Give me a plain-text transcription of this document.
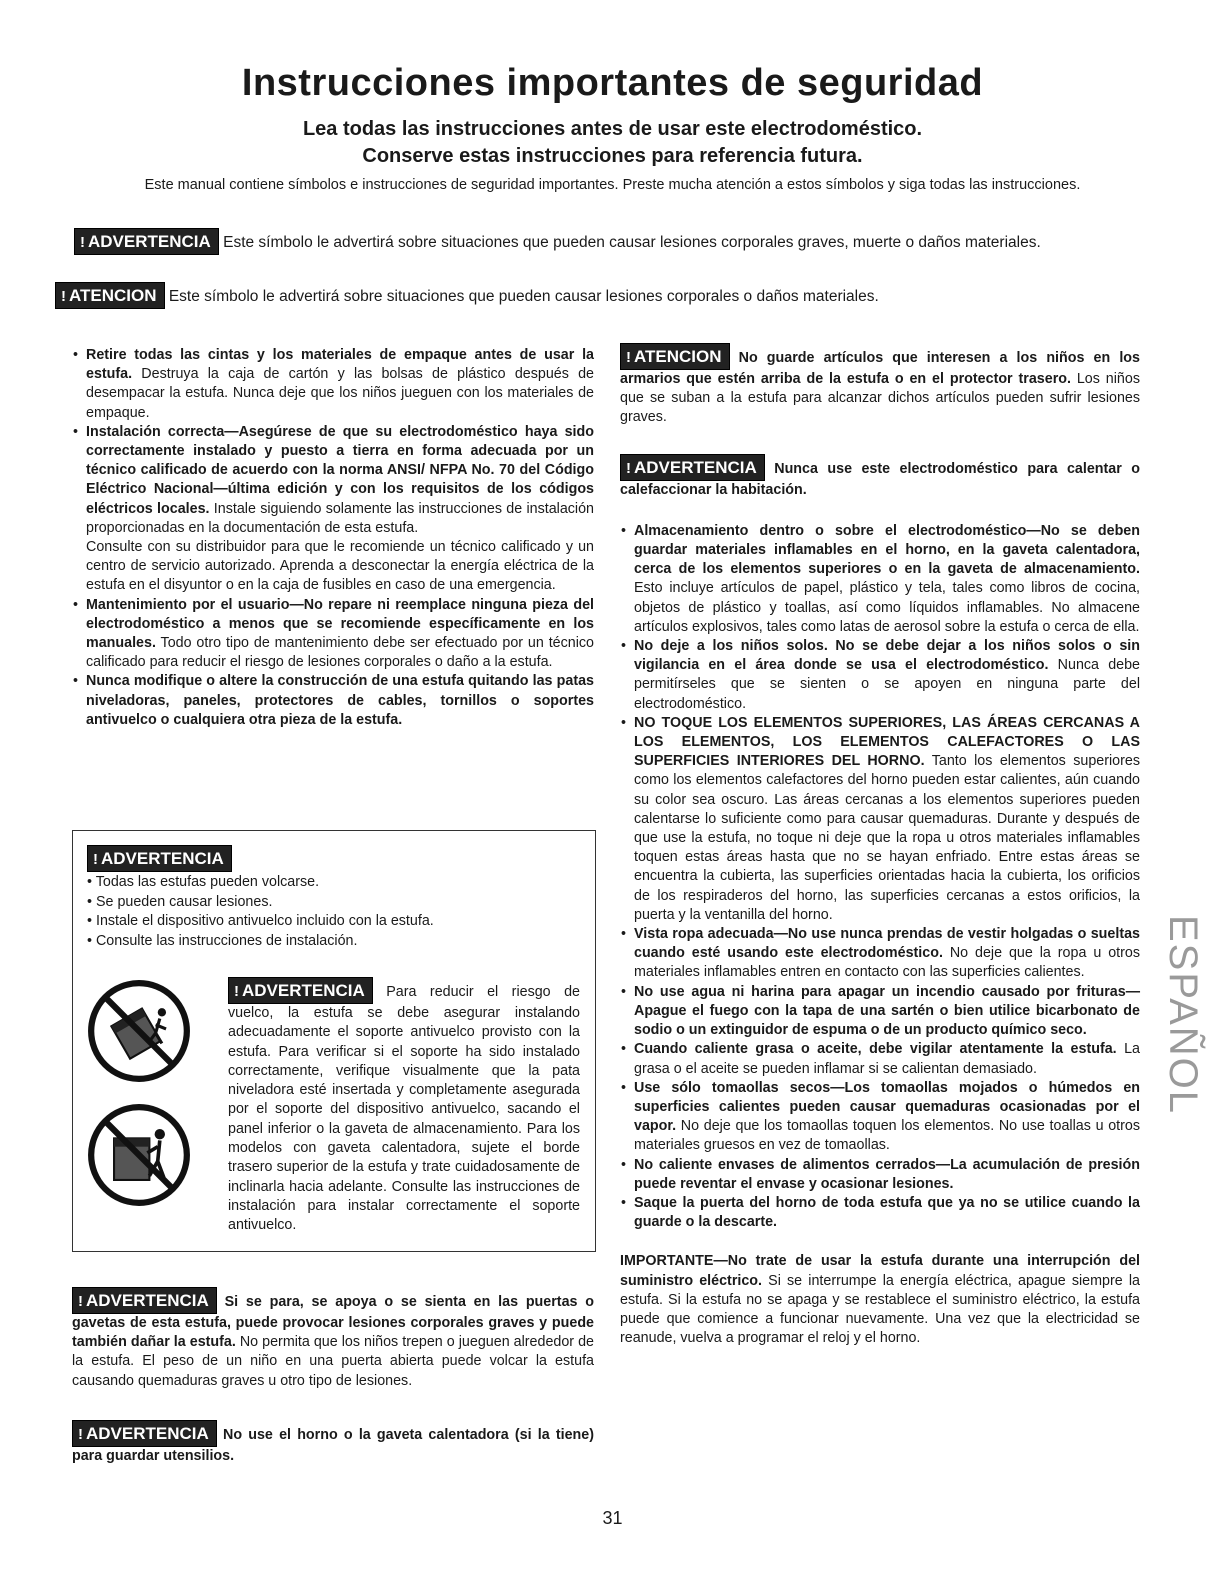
Instrucciones importantes de seguridad
Lea todas las instrucciones antes de usar este electrodoméstico.
Conserve estas instrucciones para referencia futura.
Este manual contiene símbolos e instrucciones de seguridad importantes. Preste mucha atención a estos símbolos y siga todas las instrucciones.
! ADVERTENCIA Este símbolo le advertirá sobre situaciones que pueden causar lesiones corporales graves, muerte o daños materiales.
! ATENCION Este símbolo le advertirá sobre situaciones que pueden causar lesiones corporales o daños materiales.
• Retire todas las cintas y los materiales de empaque antes de usar la estufa. Destruya la caja de cartón y las bolsas de plástico después de desempacar la estufa. Nunca deje que los niños jueguen con los materiales de empaque.
• Instalación correcta—Asegúrese de que su electrodoméstico haya sido correctamente instalado y puesto a tierra en forma adecuada por un técnico calificado de acuerdo con la norma ANSI/ NFPA No. 70 del Código Eléctrico Nacional—última edición y con los requisitos de los códigos eléctricos locales. Instale siguiendo solamente las instrucciones de instalación proporcionadas en la documentación de esta estufa.
Consulte con su distribuidor para que le recomiende un técnico calificado y un centro de servicio autorizado. Aprenda a desconectar la energía eléctrica de la estufa en el disyuntor o en la caja de fusibles en caso de una emergencia.
• Mantenimiento por el usuario—No repare ni reemplace ninguna pieza del electrodoméstico a menos que se recomiende específicamente en los manuales. Todo otro tipo de mantenimiento debe ser efectuado por un técnico calificado para reducir el riesgo de lesiones corporales o daño a la estufa.
• Nunca modifique o altere la construcción de una estufa quitando las patas niveladoras, paneles, protectores de cables, tornillos o soportes antivuelco o cualquiera otra pieza de la estufa.
! ADVERTENCIA
• Todas las estufas pueden volcarse.
• Se pueden causar lesiones.
• Instale el dispositivo antivuelco incluido con la estufa.
• Consulte las instrucciones de instalación.
! ADVERTENCIA Para reducir el riesgo de vuelco, la estufa se debe asegurar instalando adecuadamente el soporte antivuelco provisto con la estufa. Para verificar si el soporte ha sido instalado correctamente, verifique visualmente que la pata niveladora esté insertada y completamente asegurada por el soporte del dispositivo antivuelco, sacando el panel inferior o la gaveta de almacenamiento. Para los modelos con gaveta calentadora, sujete el borde trasero superior de la estufa y trate cuidadosamente de inclinarla hacia adelante. Consulte las instrucciones de instalación para instalar correctamente el soporte antivuelco.
! ADVERTENCIA Si se para, se apoya o se sienta en las puertas o gavetas de esta estufa, puede provocar lesiones corporales graves y puede también dañar la estufa. No permita que los niños trepen o jueguen alrededor de la estufa. El peso de un niño en una puerta abierta puede volcar la estufa causando quemaduras graves u otro tipo de lesiones.
! ADVERTENCIA No use el horno o la gaveta calentadora (si la tiene) para guardar utensilios.

! ATENCION No guarde artículos que interesen a los niños en los armarios que estén arriba de la estufa o en el protector trasero. Los niños que se suban a la estufa para alcanzar dichos artículos pueden sufrir lesiones graves.

! ADVERTENCIA Nunca use este electrodoméstico para calentar o calefaccionar la habitación.

• Almacenamiento dentro o sobre el electrodoméstico—No se deben guardar materiales inflamables en el horno, en la gaveta calentadora, cerca de los elementos superiores o en la gaveta de almacenamiento. Esto incluye artículos de papel, plástico y tela, tales como libros de cocina, objetos de plástico y toallas, así como líquidos inflamables. No almacene artículos explosivos, tales como latas de aerosol sobre la estufa o cerca de ella.
• No deje a los niños solos. No se debe dejar a los niños solos o sin vigilancia en el área donde se usa el electrodoméstico. Nunca debe permitírseles que se sienten o se apoyen en ninguna parte del electrodoméstico.
• NO TOQUE LOS ELEMENTOS SUPERIORES, LAS ÁREAS CERCANAS A LOS ELEMENTOS, LOS ELEMENTOS CALEFACTORES O LAS SUPERFICIES INTERIORES DEL HORNO. Tanto los elementos superiores como los elementos calefactores del horno pueden estar calientes, aún cuando su color sea oscuro. Las áreas cercanas a los elementos superiores pueden calentarse lo suficiente como para causar quemaduras. Durante y después de que use la estufa, no toque ni deje que la ropa u otros materiales inflamables toquen estas áreas hasta que no se hayan enfriado. Entre estas áreas se encuentra la cubierta, las superficies orientadas hacia la cubierta, los orificios de los respiraderos del horno, las superficies cercanas a estos orificios, la puerta y la ventanilla del horno.
• Vista ropa adecuada—No use nunca prendas de vestir holgadas o sueltas cuando esté usando este electrodoméstico. No deje que la ropa u otros materiales inflamables entren en contacto con las superficies calientes.
• No use agua ni harina para apagar un incendio causado por frituras—Apague el fuego con la tapa de una sartén o bien utilice bicarbonato de sodio o un extinguidor de espuma o de un producto químico seco.
• Cuando caliente grasa o aceite, debe vigilar atentamente la estufa. La grasa o el aceite se pueden inflamar si se calientan demasiado.
• Use sólo tomaollas secos—Los tomaollas mojados o húmedos en superficies calientes pueden causar quemaduras ocasionadas por el vapor. No deje que los tomaollas toquen los elementos. No use toallas u otros materiales gruesos en vez de tomaollas.
• No caliente envases de alimentos cerrados—La acumulación de presión puede reventar el envase y ocasionar lesiones.
• Saque la puerta del horno de toda estufa que ya no se utilice cuando la guarde o la descarte.

IMPORTANTE—No trate de usar la estufa durante una interrupción del suministro eléctrico. Si se interrumpe la energía eléctrica, apague siempre la estufa. Si la estufa no se apaga y se restablece el suministro eléctrico, la estufa puede que comience a funcionar nuevamente. Una vez que la electricidad se reanude, vuelva a programar el reloj y el horno.

ESPAÑOL
31
